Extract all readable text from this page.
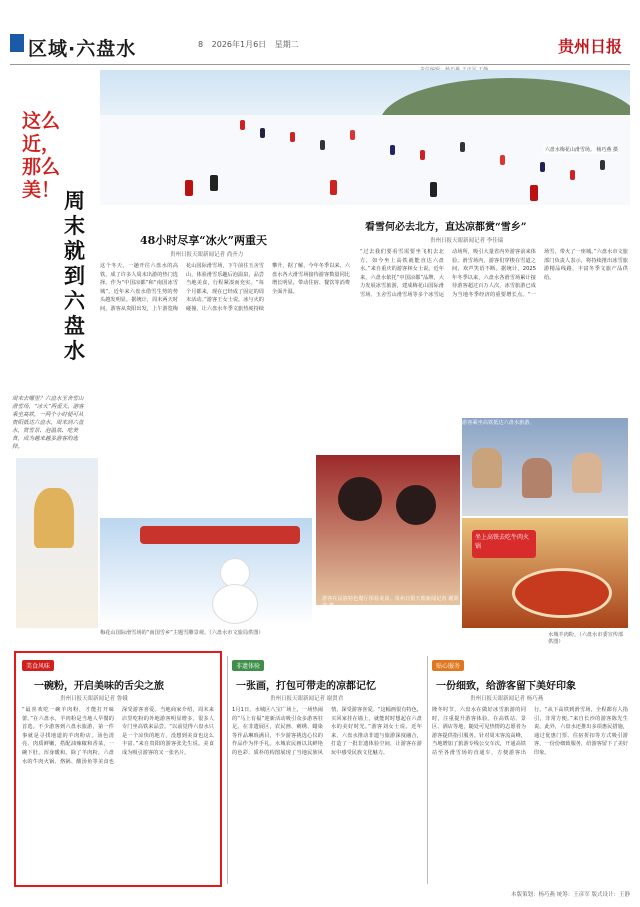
区域·六盘水	8 2026年1月6日 星期二	贵州日报
六盘水梅花山滑雪场。 杨巧燕 摄
这么近，那么美！ 周末就到六盘水
周末去哪里？六盘水玉舍雪山滑雪场，“冰火”两重天。游客乘坐高铁，一两个小时便可从贵阳抵达六盘水，周末到六盘水，赏雪景、泡温泉、吃美食，成为越来越多游客的选择。
48小时尽享“冰火”两重天
贵州日报天眼新闻记者 尚齐力
这个冬天，一趟开往六盘水的高铁，成了许多人周末出游的热门选择。作为“中国凉都”和“南国冰雪城”，近年来六盘水借雪生势的势头越发明显。据统计，周末两天时间，游客从贵阳出发，上午游览梅花山国际滑雪场，下午前往玉舍雪山，体验滑雪乐趣后泡温泉，品尝当地美食，行程紧凑而充实。“每个月都来，现在已经成了固定的周末活动。”游客王女士说。冰与火的碰撞，让六盘水冬季文旅热度持续攀升。据了解，今年冬季以来，六盘水各大滑雪场接待游客数量同比增长明显，带动住宿、餐饮等消费全面升温。
看雪何必去北方，直达凉都赏“雪乡”
贵州日报天眼新闻记者 李佳瑞
“过去我们要看雪需要坐飞机去北方，如今坐上高铁就能直达六盘水。”来自重庆的游客林女士说。近年来，六盘水依托“中国凉都”品牌，大力发展冰雪旅游，建成梅花山国际滑雪场、玉舍雪山滑雪场等多个冰雪运动场所，吸引大量省内外游客前来体验。滑雪场内，游客们穿梭在雪道之间，欢声笑语不断。据统计，2025年冬季以来，六盘水各滑雪场累计接待游客超过百万人次，冰雪旅游已成为当地冬季经济的重要增长点。“一场雪，带火了一座城。”六盘水市文旅部门负责人表示，将持续推出冰雪旅游精品线路，丰富冬季文旅产品供给。
游客乘坐高铁抵达六盘水旅游。
梅花山国际滑雪场的“南国雪乡”主题雪雕景观。（六盘水市文旅局供图）
游客在民族特色餐厅体验美食。贵州日报天眼新闻记者 谢贤君 摄
坐上高铁去吃牛肉火锅
水城羊肉粉。（六盘水市委宣传部供图）
美食风味
一碗粉，开启美味的舌尖之旅
贵州日报天眼新闻记者 鲁娥
“最喜欢吃一碗羊肉粉，才能打开味蕾。”在六盘水，羊肉粉是当地人早餐的首选。不少游客到六盘水旅游，第一件事就是寻找地道的羊肉粉店。汤色清亮、肉质鲜嫩，搭配油辣椒和香菜，一碗下肚，浑身暖和。除了羊肉粉，六盘水的牛肉火锅、烙锅、酸汤鱼等美食也深受游客喜爱。当地商家介绍，周末来店里吃粉的外地游客明显增多，很多人专门坐高铁来品尝。“以前觉得六盘水只是一个凉快的地方，没想到美食也这么丰富。”来自贵阳的游客张先生说。美食成为吸引游客的又一张名片。
非遗体验
一张画，打包可带走的凉都记忆
贵州日报天眼新闻记者 谢贤君
1月1日，水城区八宝广场上，一场热闹的“马上有福”迎新活动吸引众多游客驻足。在非遗展区，农民画、刺绣、蜡染等作品琳琅满目，不少游客挑选心仪的作品作为伴手礼。水城农民画以其鲜艳的色彩、质朴的构图展现了当地民族风情，深受游客喜爱。“这幅画很有特色，买回家挂在墙上，就能时时想起在六盘水的美好时光。”游客刘女士说。近年来，六盘水推动非遗与旅游深度融合，打造了一批非遗体验空间，让游客在游玩中感受民族文化魅力。
贴心服务
一份细致，给游客留下美好印象
贵州日报天眼新闻记者 杨巧燕
隆冬时节，六盘水在做好冰雪旅游的同时，注重提升游客体验。在高铁站、景区、酒店等地，随处可见热情的志愿者为游客提供指引服务。针对周末客流高峰，当地增加了旅游专线公交车次，开通高铁站至各滑雪场的直通车，方便游客出行。“从下高铁到滑雪场，全程都有人指引，非常方便。”来自长沙的游客陈先生说。此外，六盘水还推出多项惠民措施，通过优惠门票、住宿折扣等方式吸引游客，一份份细致服务，给游客留下了美好印象。
本版策划：杨巧燕 统筹：王彦军 版式设计：王静
